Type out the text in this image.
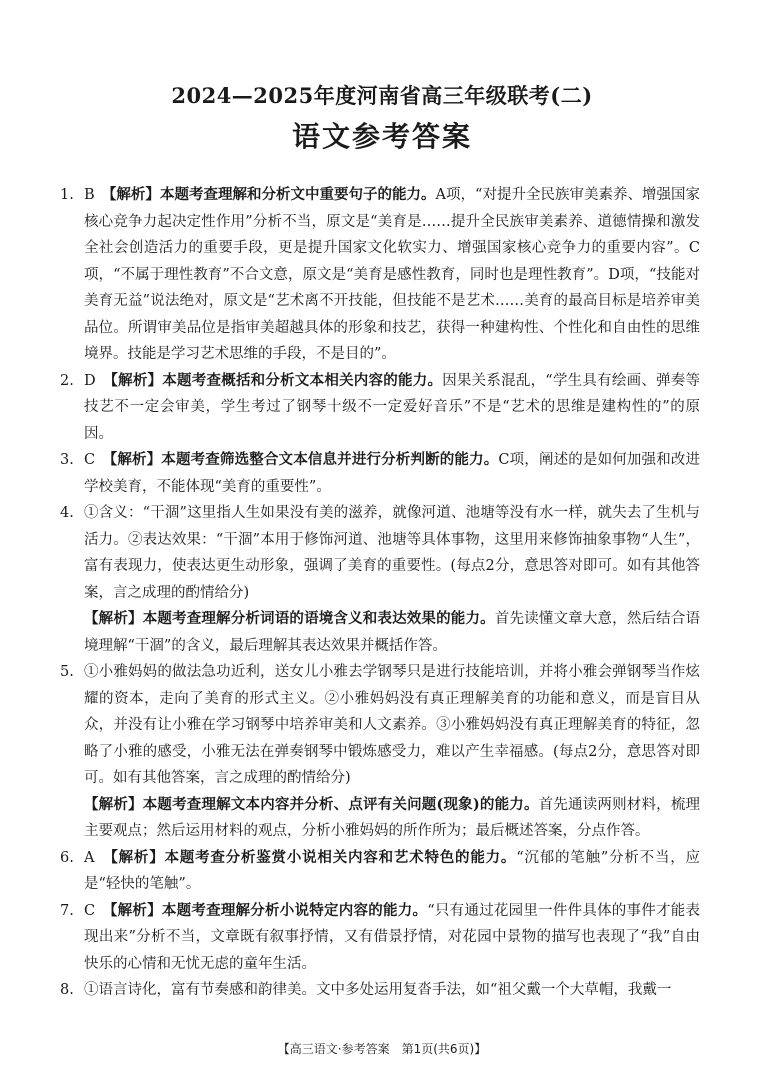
2024—2025年度河南省高三年级联考(二)
语文参考答案
1. B　 【解析】本题考查理解和分析文中重要句子的能力。A项，“对提升全民族审美素养、增强国家核心竞争力起决定性作用”分析不当，原文是“美育是……提升全民族审美素养、道德情操和激发全社会创造活力的重要手段，更是提升国家文化软实力、增强国家核心竞争力的重要内容”。C项，“不属于理性教育”不合文意，原文是“美育是感性教育，同时也是理性教育”。D项，“技能对美育无益”说法绝对，原文是“艺术离不开技能，但技能不是艺术……美育的最高目标是培养审美品位。所谓审美品位是指审美超越具体的形象和技艺，获得一种建构性、个性化和自由性的思维境界。技能是学习艺术思维的手段，不是目的”。

2. D　 【解析】本题考查概括和分析文本相关内容的能力。因果关系混乱，“学生具有绘画、弹奏等技艺不一定会审美，学生考过了钢琴十级不一定爱好音乐”不是“艺术的思维是建构性的”的原因。

3. C　 【解析】本题考查筛选整合文本信息并进行分析判断的能力。C项，阐述的是如何加强和改进学校美育，不能体现“美育的重要性”。

4. ①含义：“干涸”这里指人生如果没有美的滋养，就像河道、池塘等没有水一样，就失去了生机与活力。②表达效果：“干涸”本用于修饰河道、池塘等具体事物，这里用来修饰抽象事物“人生”，富有表现力，使表达更生动形象，强调了美育的重要性。(每点2分，意思答对即可。如有其他答案，言之成理的酌情给分)

【解析】本题考查理解分析词语的语境含义和表达效果的能力。首先读懂文章大意，然后结合语境理解“干涸”的含义，最后理解其表达效果并概括作答。

5. ①小雅妈妈的做法急功近利，送女儿小雅去学钢琴只是进行技能培训，并将小雅会弹钢琴当作炫耀的资本，走向了美育的形式主义。②小雅妈妈没有真正理解美育的功能和意义，而是盲目从众，并没有让小雅在学习钢琴中培养审美和人文素养。③小雅妈妈没有真正理解美育的特征，忽略了小雅的感受，小雅无法在弹奏钢琴中锻炼感受力，难以产生幸福感。(每点2分，意思答对即可。如有其他答案，言之成理的酌情给分)

【解析】本题考查理解文本内容并分析、点评有关问题(现象)的能力。首先通读两则材料，梳理主要观点；然后运用材料的观点，分析小雅妈妈的所作所为；最后概述答案，分点作答。

6. A　 【解析】本题考查分析鉴赏小说相关内容和艺术特色的能力。“沉郁的笔触”分析不当，应是“轻快的笔触”。

7. C　 【解析】本题考查理解分析小说特定内容的能力。“只有通过花园里一件件具体的事件才能表现出来”分析不当，文章既有叙事抒情，又有借景抒情，对花园中景物的描写也表现了“我”自由快乐的心情和无忧无虑的童年生活。

8. ①语言诗化，富有节奏感和韵律美。文中多处运用复沓手法，如“祖父戴一个大草帽，我戴一

【高三语文·参考答案　第1页(共6页)】
